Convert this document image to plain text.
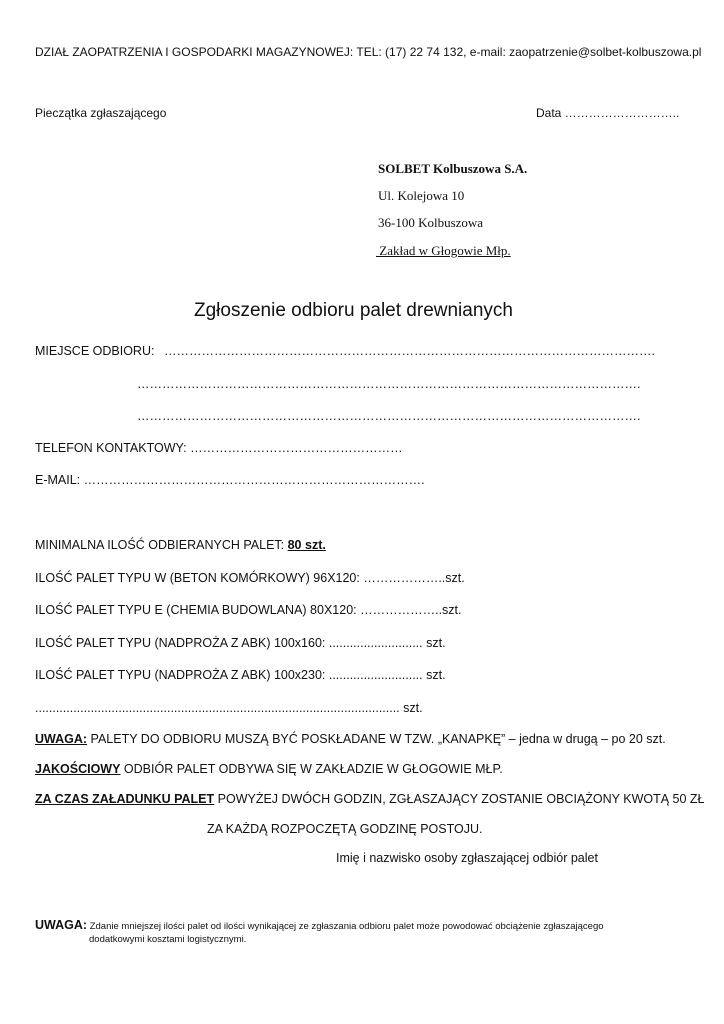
DZIAŁ ZAOPATRZENIA I GOSPODARKI MAGAZYNOWEJ: TEL: (17) 22 74 132, e-mail: zaopatrzenie@solbet-kolbuszowa.pl
Pieczątka zgłaszającego	Data ………………………..
SOLBET Kolbuszowa S.A.
Ul. Kolejowa 10
36-100 Kolbuszowa
Zakład w Głogowie Młp.
Zgłoszenie odbioru palet drewnianych
MIEJSCE ODBIORU: ……………………………………………………………………………………………………….
………………………………………………………………………………………………………….
………………………………………………………………………………………………………….
TELEFON KONTAKTOWY: ……………………………………………
E-MAIL: ……………………………………………………………………….
MINIMALNA ILOŚĆ ODBIERANYCH PALET: 80 szt.
ILOŚĆ PALET TYPU W (BETON KOMÓRKOWY) 96X120: ………………..szt.
ILOŚĆ PALET TYPU E (CHEMIA BUDOWLANA) 80X120: ………………..szt.
ILOŚĆ PALET TYPU (NADPROŻA Z ABK) 100x160: ........................... szt.
ILOŚĆ PALET TYPU (NADPROŻA Z ABK) 100x230: ........................... szt.
......................................................................................................... szt.
UWAGA: PALETY DO ODBIORU MUSZĄ BYĆ POSKŁADANE W TZW. „KANAPKĘ” – jedna w drugą – po 20 szt.
JAKOŚCIOWY ODBIÓR PALET ODBYWA SIĘ W ZAKŁADZIE W GŁOGOWIE MŁP.
ZA CZAS ZAŁADUNKU PALET POWYŻEJ DWÓCH GODZIN, ZGŁASZAJĄCY ZOSTANIE OBCIĄŻONY KWOTĄ 50 ZŁ
ZA KAŻDĄ ROZPOCZĘTĄ GODZINĘ POSTOJU.
Imię i nazwisko osoby zgłaszającej odbiór palet
UWAGA: Zdanie mniejszej ilości palet od ilości wynikającej ze zgłaszania odbioru palet może powodować obciążenie zgłaszającego
dodatkowymi kosztami logistycznymi.
